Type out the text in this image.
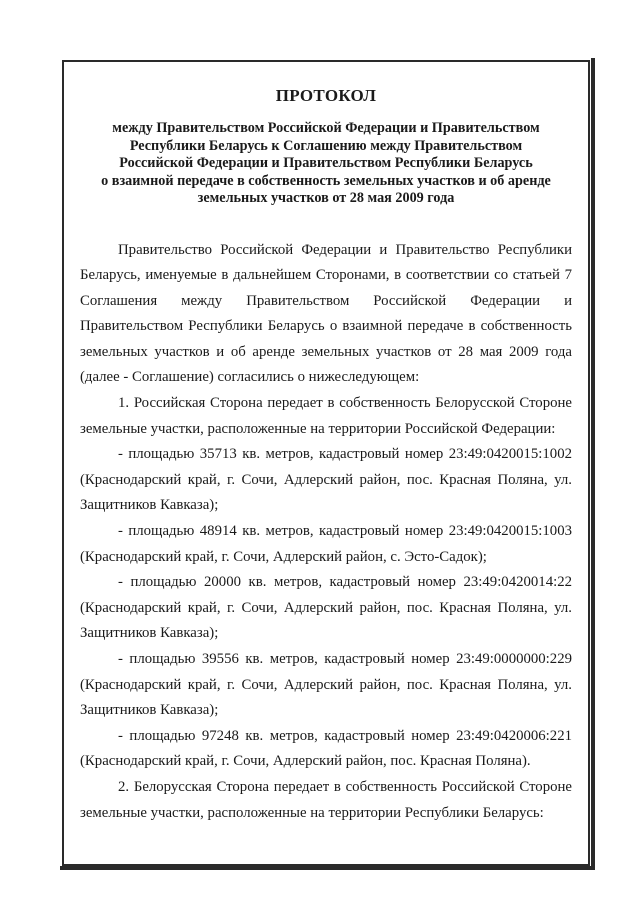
ПРОТОКОЛ
между Правительством Российской Федерации и Правительством
Республики Беларусь к Соглашению между Правительством
Российской Федерации и Правительством Республики Беларусь
о взаимной передаче в собственность земельных участков и об аренде
земельных участков от 28 мая 2009 года

Правительство Российской Федерации и Правительство Республики Беларусь, именуемые в дальнейшем Сторонами, в соответствии со статьей 7 Соглашения между Правительством Российской Федерации и Правительством Республики Беларусь о взаимной передаче в собственность земельных участков и об аренде земельных участков от 28 мая 2009 года (далее - Соглашение) согласились о нижеследующем:

1. Российская Сторона передает в собственность Белорусской Стороне земельные участки, расположенные на территории Российской Федерации:

- площадью 35713 кв. метров, кадастровый номер 23:49:0420015:1002 (Краснодарский край, г. Сочи, Адлерский район, пос. Красная Поляна, ул. Защитников Кавказа);

- площадью 48914 кв. метров, кадастровый номер 23:49:0420015:1003 (Краснодарский край, г. Сочи, Адлерский район, с. Эсто-Садок);

- площадью 20000 кв. метров, кадастровый номер 23:49:0420014:22 (Краснодарский край, г. Сочи, Адлерский район, пос. Красная Поляна, ул. Защитников Кавказа);

- площадью 39556 кв. метров, кадастровый номер 23:49:0000000:229 (Краснодарский край, г. Сочи, Адлерский район, пос. Красная Поляна, ул. Защитников Кавказа);

- площадью 97248 кв. метров, кадастровый номер 23:49:0420006:221 (Краснодарский край, г. Сочи, Адлерский район, пос. Красная Поляна).

2. Белорусская Сторона передает в собственность Российской Стороне земельные участки, расположенные на территории Республики Беларусь:
